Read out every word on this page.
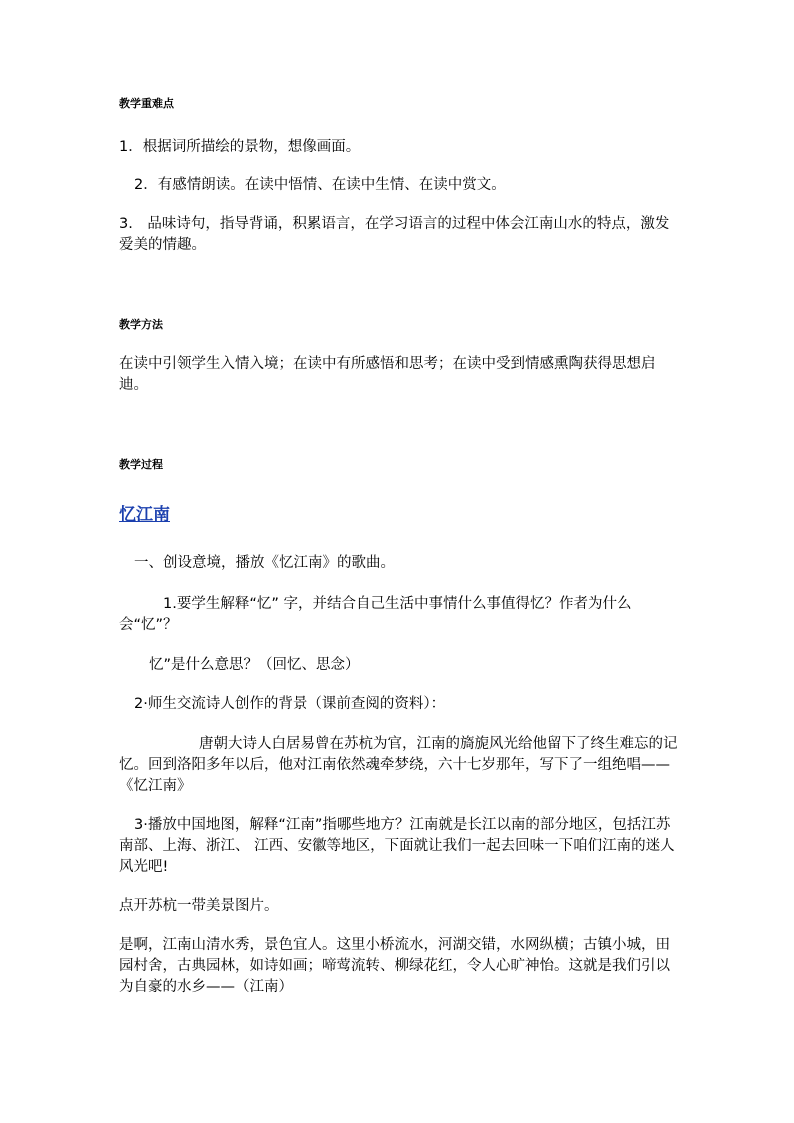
教学重难点

1．根据词所描绘的景物，想像画面。

2．有感情朗读。在读中悟情、在读中生情、在读中赏文。

3.　品味诗句，指导背诵，积累语言，在学习语言的过程中体会江南山水的特点，激发爱美的情趣。

教学方法

在读中引领学生入情入境；在读中有所感悟和思考；在读中受到情感熏陶获得思想启迪。

教学过程

忆江南

一、创设意境，播放《忆江南》的歌曲。

1.要学生解释“忆” 字，并结合自己生活中事情什么事值得忆？作者为什么会“忆”？

忆”是什么意思？（回忆、思念）

2·师生交流诗人创作的背景（课前查阅的资料）：

唐朝大诗人白居易曾在苏杭为官，江南的旖旎风光给他留下了终生难忘的记忆。回到洛阳多年以后，他对江南依然魂牵梦绕，六十七岁那年，写下了一组绝唱——《忆江南》

3·播放中国地图，解释“江南”指哪些地方？江南就是长江以南的部分地区，包括江苏南部、上海、浙江、 江西、安徽等地区，下面就让我们一起去回味一下咱们江南的迷人风光吧!

点开苏杭一带美景图片。

是啊，江南山清水秀，景色宜人。这里小桥流水，河湖交错，水网纵横；古镇小城，田园村舍，古典园林，如诗如画；啼莺流转、柳绿花红，令人心旷神怡。这就是我们引以为自豪的水乡——（江南）
